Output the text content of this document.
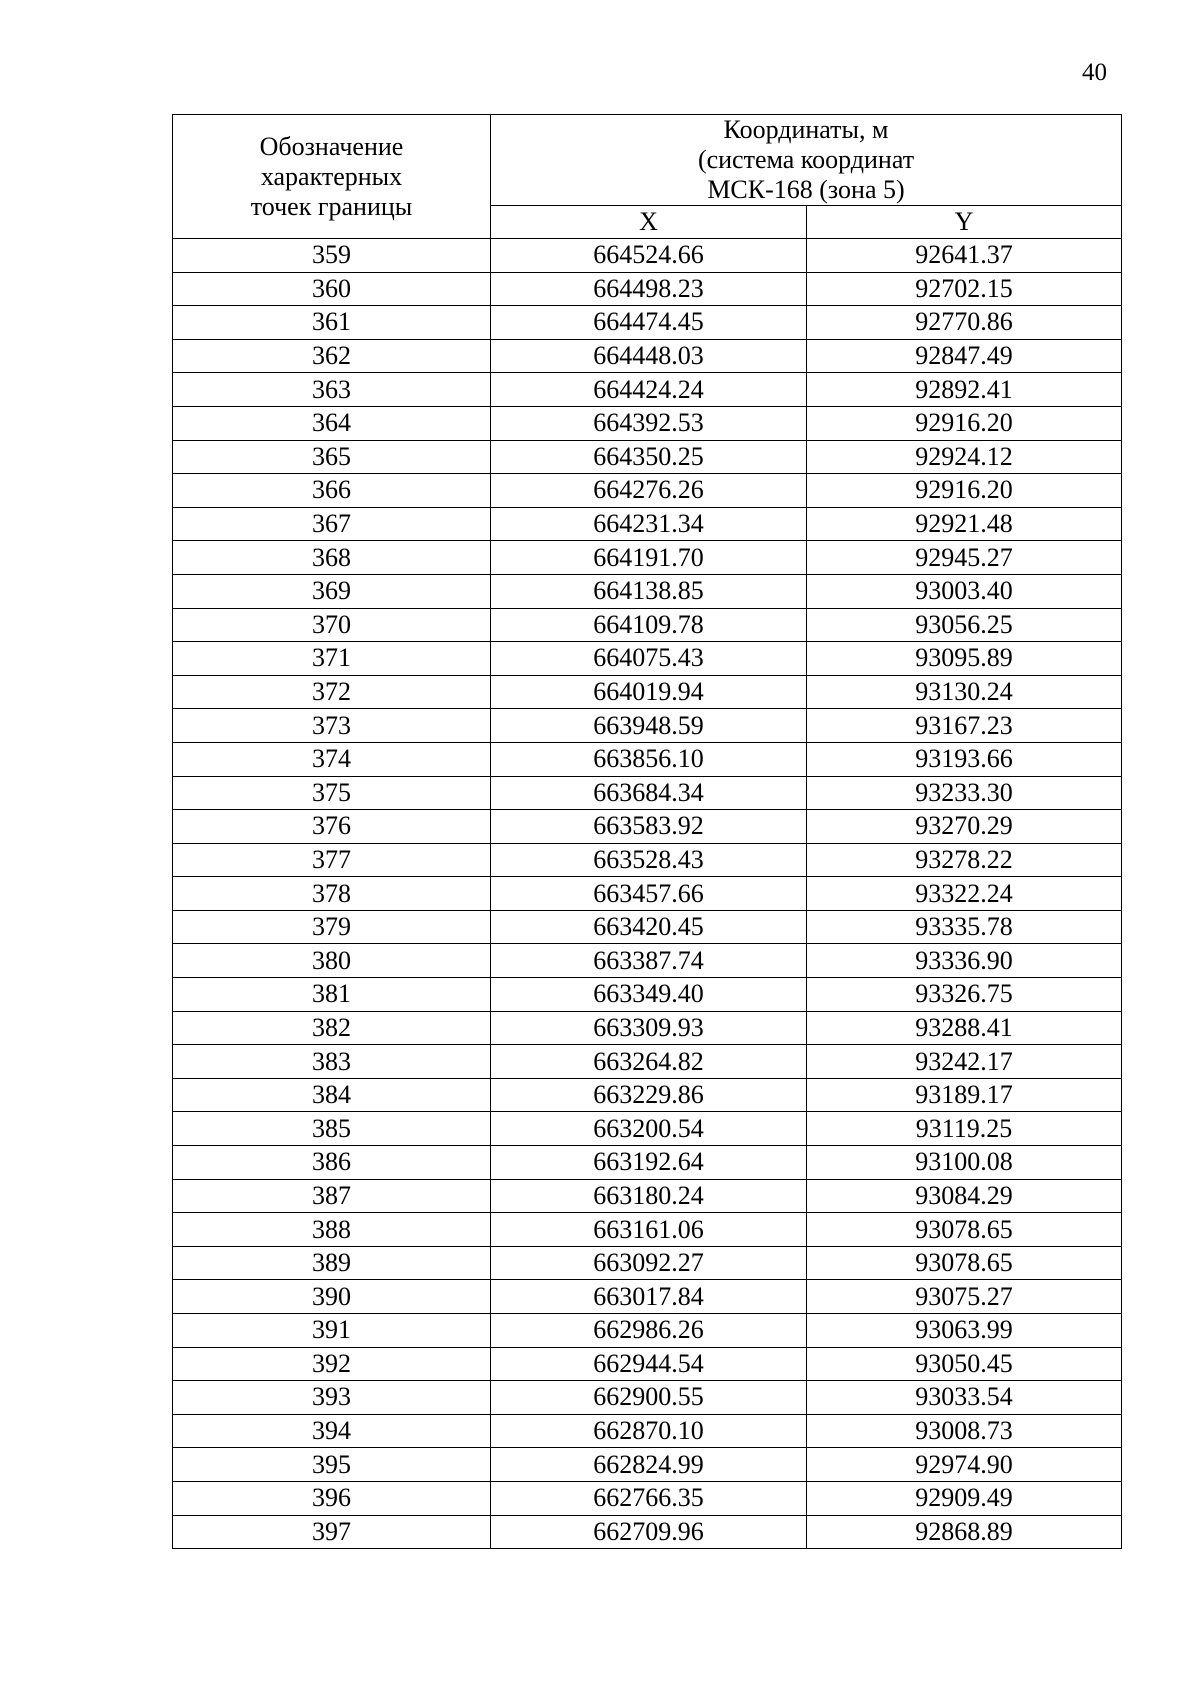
40
Обозначение
характерных
точек границы	Координаты, м
(система координат
МСК-168 (зона 5)	

	X	Y
359	664524.66	92641.37
360	664498.23	92702.15
361	664474.45	92770.86
362	664448.03	92847.49
363	664424.24	92892.41
364	664392.53	92916.20
365	664350.25	92924.12
366	664276.26	92916.20
367	664231.34	92921.48
368	664191.70	92945.27
369	664138.85	93003.40
370	664109.78	93056.25
371	664075.43	93095.89
372	664019.94	93130.24
373	663948.59	93167.23
374	663856.10	93193.66
375	663684.34	93233.30
376	663583.92	93270.29
377	663528.43	93278.22
378	663457.66	93322.24
379	663420.45	93335.78
380	663387.74	93336.90
381	663349.40	93326.75
382	663309.93	93288.41
383	663264.82	93242.17
384	663229.86	93189.17
385	663200.54	93119.25
386	663192.64	93100.08
387	663180.24	93084.29
388	663161.06	93078.65
389	663092.27	93078.65
390	663017.84	93075.27
391	662986.26	93063.99
392	662944.54	93050.45
393	662900.55	93033.54
394	662870.10	93008.73
395	662824.99	92974.90
396	662766.35	92909.49
397	662709.96	92868.89
